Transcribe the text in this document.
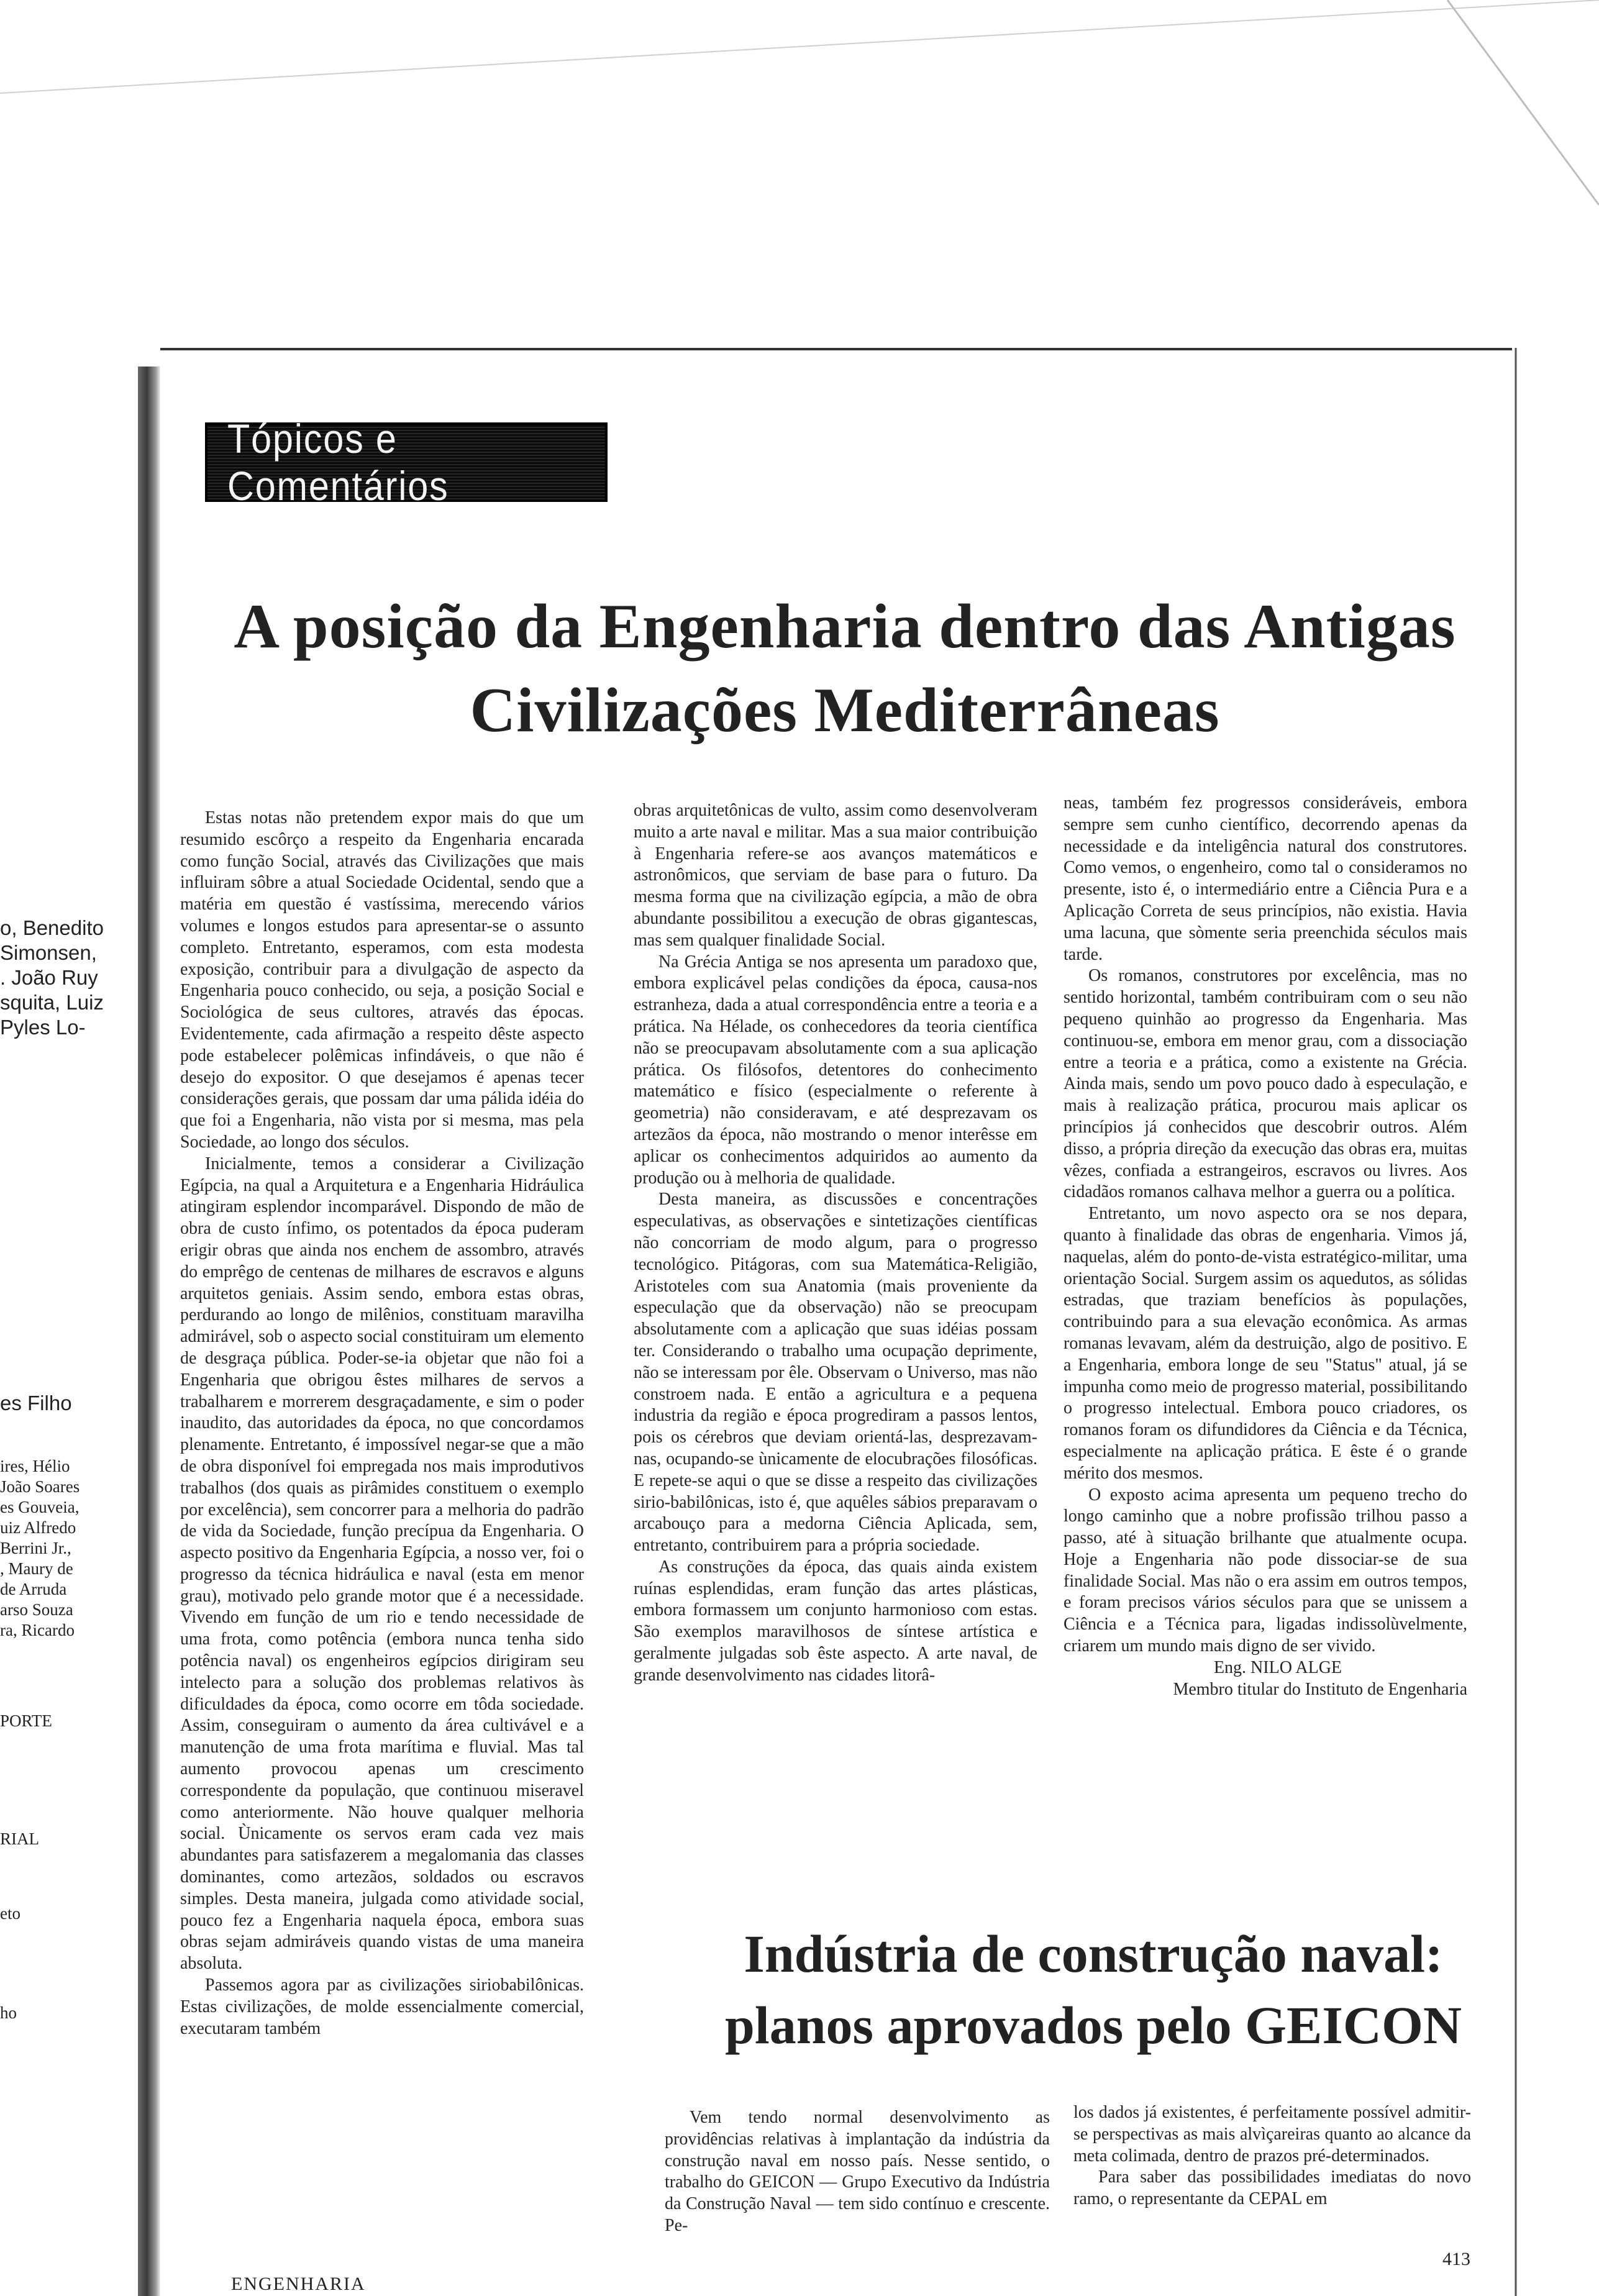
o, Benedito
Simonsen,
. João Ruy
squita, Luiz
Pyles Lo-
es Filho
ires, Hélio
João Soares
es Gouveia,
uiz Alfredo
Berrini Jr.,
, Maury de
de Arruda
arso Souza
ra, Ricardo
PORTE
RIAL
eto
ho
Tópicos e Comentários
A posição da Engenharia dentro das Antigas
Civilizações Mediterrâneas

Estas notas não pretendem expor mais do que um resumido escôrço a respeito da Engenharia encarada como função Social, através das Civilizações que mais influiram sôbre a atual Sociedade Ocidental, sendo que a matéria em questão é vastíssima, merecendo vários volumes e longos estudos para apresentar-se o assunto completo. Entretanto, esperamos, com esta modesta exposição, contribuir para a divulgação de aspecto da Engenharia pouco conhecido, ou seja, a posição Social e Sociológica de seus cultores, através das épocas. Evidentemente, cada afirmação a respeito dêste aspecto pode estabelecer polêmicas infindáveis, o que não é desejo do expositor. O que desejamos é apenas tecer considerações gerais, que possam dar uma pálida idéia do que foi a Engenharia, não vista por si mesma, mas pela Sociedade, ao longo dos séculos.

Inicialmente, temos a considerar a Civilização Egípcia, na qual a Arquitetura e a Engenharia Hidráulica atingiram esplendor incomparável. Dispondo de mão de obra de custo ínfimo, os potentados da época puderam erigir obras que ainda nos enchem de assombro, através do emprêgo de centenas de milhares de escravos e alguns arquitetos geniais. Assim sendo, embora estas obras, perdurando ao longo de milênios, constituam maravilha admirável, sob o aspecto social constituiram um elemento de desgraça pública. Poder-se-ia objetar que não foi a Engenharia que obrigou êstes milhares de servos a trabalharem e morrerem desgraçadamente, e sim o poder inaudito, das autoridades da época, no que concordamos plenamente. Entretanto, é impossível negar-se que a mão de obra disponível foi empregada nos mais improdutivos trabalhos (dos quais as pirâmides constituem o exemplo por excelência), sem concorrer para a melhoria do padrão de vida da Sociedade, função precípua da Engenharia. O aspecto positivo da Engenharia Egípcia, a nosso ver, foi o progresso da técnica hidráulica e naval (esta em menor grau), motivado pelo grande motor que é a necessidade. Vivendo em função de um rio e tendo necessidade de uma frota, como potência (embora nunca tenha sido potência naval) os engenheiros egípcios dirigiram seu intelecto para a solução dos problemas relativos às dificuldades da época, como ocorre em tôda sociedade. Assim, conseguiram o aumento da área cultivável e a manutenção de uma frota marítima e fluvial. Mas tal aumento provocou apenas um crescimento correspondente da população, que continuou miseravel como anteriormente. Não houve qualquer melhoria social. Ùnicamente os servos eram cada vez mais abundantes para satisfazerem a megalomania das classes dominantes, como artezãos, soldados ou escravos simples. Desta maneira, julgada como atividade social, pouco fez a Engenharia naquela época, embora suas obras sejam admiráveis quando vistas de uma maneira absoluta.

Passemos agora par as civilizações siriobabilônicas. Estas civilizações, de molde essencialmente comercial, executaram também

obras arquitetônicas de vulto, assim como desenvolveram muito a arte naval e militar. Mas a sua maior contribuição à Engenharia refere-se aos avanços matemáticos e astronômicos, que serviam de base para o futuro. Da mesma forma que na civilização egípcia, a mão de obra abundante possibilitou a execução de obras gigantescas, mas sem qualquer finalidade Social.

Na Grécia Antiga se nos apresenta um paradoxo que, embora explicável pelas condições da época, causa-nos estranheza, dada a atual correspondência entre a teoria e a prática. Na Hélade, os conhecedores da teoria científica não se preocupavam absolutamente com a sua aplicação prática. Os filósofos, detentores do conhecimento matemático e físico (especialmente o referente à geometria) não consideravam, e até desprezavam os artezãos da época, não mostrando o menor interêsse em aplicar os conhecimentos adquiridos ao aumento da produção ou à melhoria de qualidade.

Desta maneira, as discussões e concentrações especulativas, as observações e sintetizações científicas não concorriam de modo algum, para o progresso tecnológico. Pitágoras, com sua Matemática-Religião, Aristoteles com sua Anatomia (mais proveniente da especulação que da observação) não se preocupam absolutamente com a aplicação que suas idéias possam ter. Considerando o trabalho uma ocupação deprimente, não se interessam por êle. Observam o Universo, mas não constroem nada. E então a agricultura e a pequena industria da região e época progrediram a passos lentos, pois os cérebros que deviam orientá-las, desprezavam-nas, ocupando-se ùnicamente de elocubrações filosóficas. E repete-se aqui o que se disse a respeito das civilizações sirio-babilônicas, isto é, que aquêles sábios preparavam o arcabouço para a medorna Ciência Aplicada, sem, entretanto, contribuirem para a própria sociedade.

As construções da época, das quais ainda existem ruínas esplendidas, eram função das artes plásticas, embora formassem um conjunto harmonioso com estas. São exemplos maravilhosos de síntese artística e geralmente julgadas sob êste aspecto. A arte naval, de grande desenvolvimento nas cidades litorâ-

neas, também fez progressos consideráveis, embora sempre sem cunho científico, decorrendo apenas da necessidade e da inteligência natural dos construtores. Como vemos, o engenheiro, como tal o consideramos no presente, isto é, o intermediário entre a Ciência Pura e a Aplicação Correta de seus princípios, não existia. Havia uma lacuna, que sòmente seria preenchida séculos mais tarde.

Os romanos, construtores por excelência, mas no sentido horizontal, também contribuiram com o seu não pequeno quinhão ao progresso da Engenharia. Mas continuou-se, embora em menor grau, com a dissociação entre a teoria e a prática, como a existente na Grécia. Ainda mais, sendo um povo pouco dado à especulação, e mais à realização prática, procurou mais aplicar os princípios já conhecidos que descobrir outros. Além disso, a própria direção da execução das obras era, muitas vêzes, confiada a estrangeiros, escravos ou livres. Aos cidadãos romanos calhava melhor a guerra ou a política.

Entretanto, um novo aspecto ora se nos depara, quanto à finalidade das obras de engenharia. Vimos já, naquelas, além do ponto-de-vista estratégico-militar, uma orientação Social. Surgem assim os aquedutos, as sólidas estradas, que traziam benefícios às populações, contribuindo para a sua elevação econômica. As armas romanas levavam, além da destruição, algo de positivo. E a Engenharia, embora longe de seu "Status" atual, já se impunha como meio de progresso material, possibilitando o progresso intelectual. Embora pouco criadores, os romanos foram os difundidores da Ciência e da Técnica, especialmente na aplicação prática. E êste é o grande mérito dos mesmos.

O exposto acima apresenta um pequeno trecho do longo caminho que a nobre profissão trilhou passo a passo, até à situação brilhante que atualmente ocupa. Hoje a Engenharia não pode dissociar-se de sua finalidade Social. Mas não o era assim em outros tempos, e foram precisos vários séculos para que se unissem a Ciência e a Técnica para, ligadas indissolùvelmente, criarem um mundo mais digno de ser vivido.

Eng. NILO ALGE

Membro titular do Instituto de Engenharia

Indústria de construção naval:
planos aprovados pelo GEICON

Vem tendo normal desenvolvimento as providências relativas à implantação da indústria da construção naval em nosso país. Nesse sentido, o trabalho do GEICON — Grupo Executivo da Indústria da Construção Naval — tem sido contínuo e crescente. Pe-

los dados já existentes, é perfeitamente possível admitir-se perspectivas as mais alvìçareiras quanto ao alcance da meta colimada, dentro de prazos pré-determinados.

Para saber das possibilidades imediatas do novo ramo, o representante da CEPAL em

ENGENHARIA
413
